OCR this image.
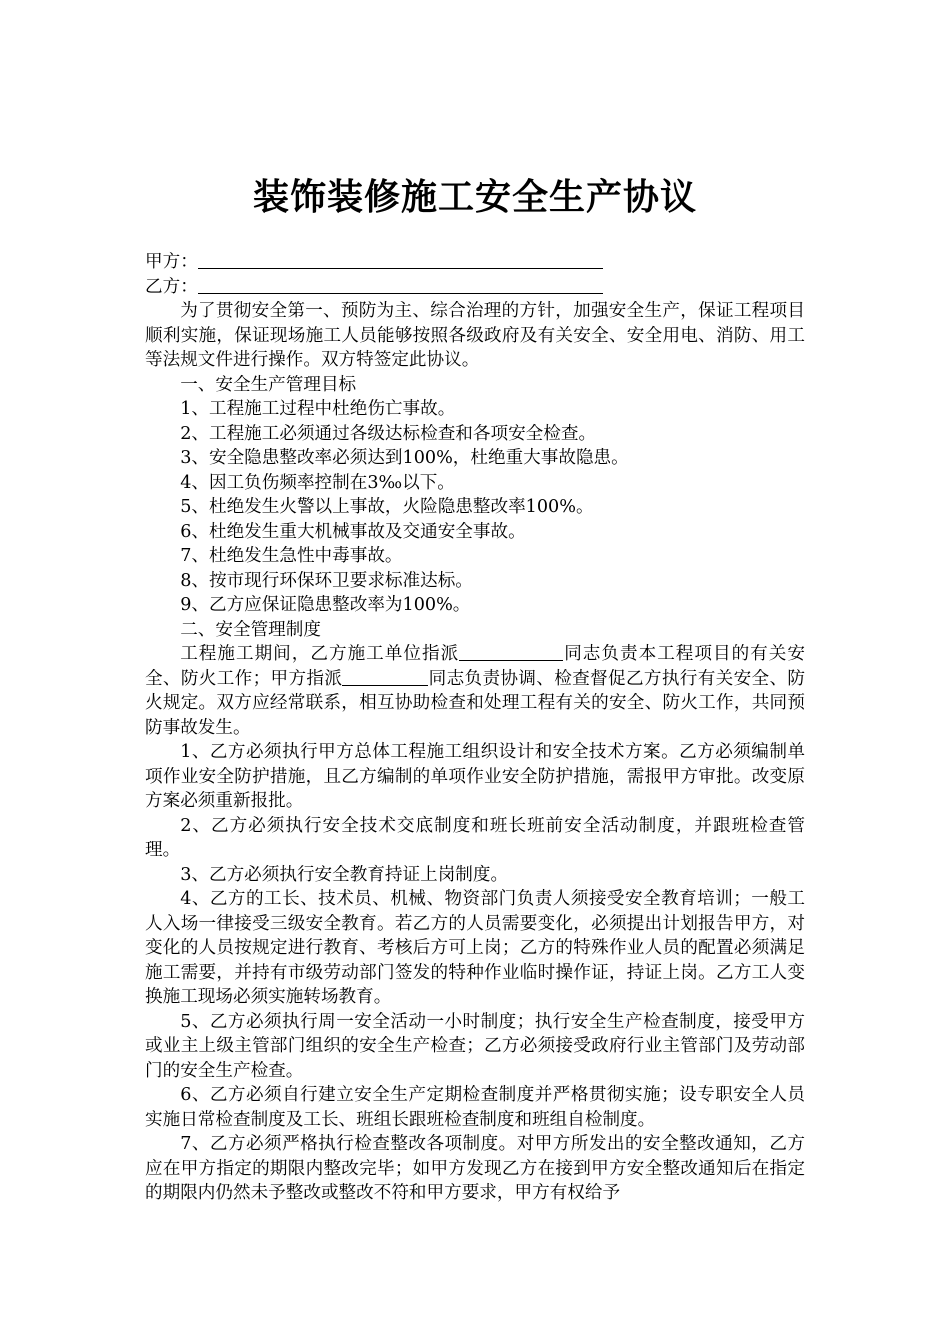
装饰装修施工安全生产协议

甲方：

乙方：

为了贯彻安全第一、预防为主、综合治理的方针，加强安全生产，保证工程项目顺利实施，保证现场施工人员能够按照各级政府及有关安全、安全用电、消防、用工等法规文件进行操作。双方特签定此协议。

一、安全生产管理目标

1、工程施工过程中杜绝伤亡事故。

2、工程施工必须通过各级达标检查和各项安全检查。

3、安全隐患整改率必须达到100%，杜绝重大事故隐患。

4、因工负伤频率控制在3‰以下。

5、杜绝发生火警以上事故，火险隐患整改率100%。

6、杜绝发生重大机械事故及交通安全事故。

7、杜绝发生急性中毒事故。

8、按市现行环保环卫要求标准达标。

9、乙方应保证隐患整改率为100%。

二、安全管理制度

工程施工期间，乙方施工单位指派	同志负责本工程项目的有关安全、防火工作；甲方指派	同志负责协调、检查督促乙方执行有关安全、防火规定。双方应经常联系，相互协助检查和处理工程有关的安全、防火工作，共同预防事故发生。

1、乙方必须执行甲方总体工程施工组织设计和安全技术方案。乙方必须编制单项作业安全防护措施，且乙方编制的单项作业安全防护措施，需报甲方审批。改变原方案必须重新报批。

2、乙方必须执行安全技术交底制度和班长班前安全活动制度，并跟班检查管理。

3、乙方必须执行安全教育持证上岗制度。

4、乙方的工长、技术员、机械、物资部门负责人须接受安全教育培训；一般工人入场一律接受三级安全教育。若乙方的人员需要变化，必须提出计划报告甲方，对变化的人员按规定进行教育、考核后方可上岗；乙方的特殊作业人员的配置必须满足施工需要，并持有市级劳动部门签发的特种作业临时操作证，持证上岗。乙方工人变换施工现场必须实施转场教育。

5、乙方必须执行周一安全活动一小时制度；执行安全生产检查制度，接受甲方或业主上级主管部门组织的安全生产检查；乙方必须接受政府行业主管部门及劳动部门的安全生产检查。

6、乙方必须自行建立安全生产定期检查制度并严格贯彻实施；设专职安全人员实施日常检查制度及工长、班组长跟班检查制度和班组自检制度。

7、乙方必须严格执行检查整改各项制度。对甲方所发出的安全整改通知，乙方应在甲方指定的期限内整改完毕；如甲方发现乙方在接到甲方安全整改通知后在指定的期限内仍然未予整改或整改不符和甲方要求，甲方有权给予
